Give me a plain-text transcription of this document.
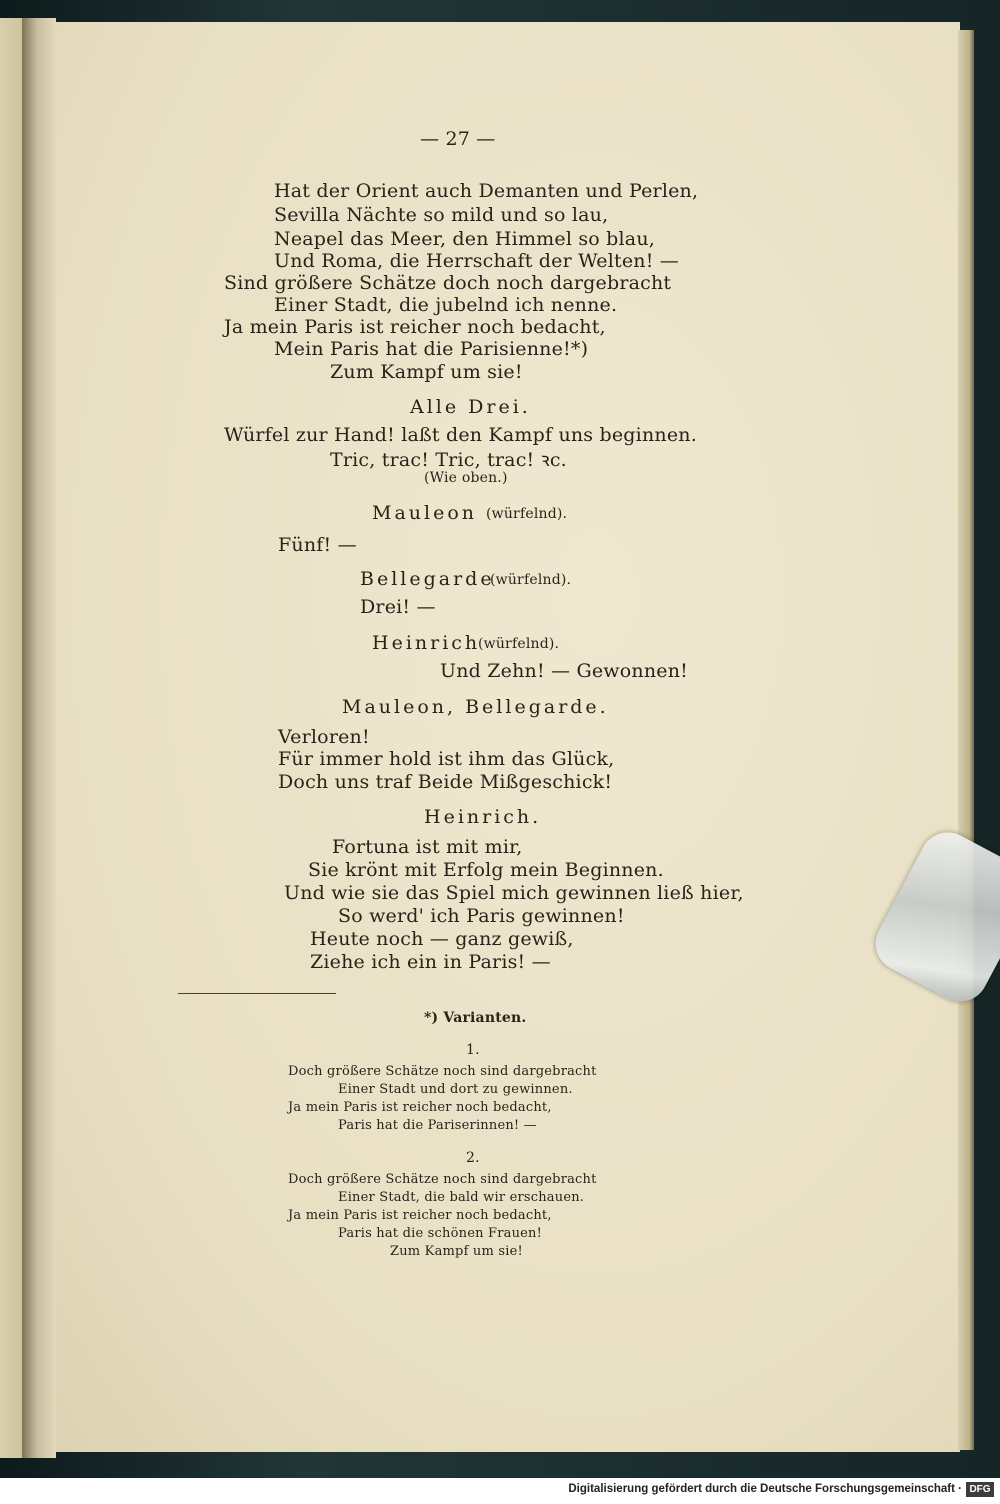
— 27 —
Hat der Orient auch Demanten und Perlen,
Sevilla Nächte so mild und so lau,
Neapel das Meer, den Himmel so blau,
Und Roma, die Herrschaft der Welten! —
Sind größere Schätze doch noch dargebracht
Einer Stadt, die jubelnd ich nenne.
Ja mein Paris ist reicher noch bedacht,
Mein Paris hat die Parisienne!*)
Zum Kampf um sie!
Alle Drei.
Würfel zur Hand! laßt den Kampf uns beginnen.
Tric, trac! Tric, trac! ꝛc.
(Wie oben.)
Mauleon (würfelnd).
Fünf! —
Bellegarde
(würfelnd).
Drei! —
Heinrich
(würfelnd).
Und Zehn! — Gewonnen!
Mauleon, Bellegarde.
Verloren!
Für immer hold ist ihm das Glück,
Doch uns traf Beide Mißgeschick!
Heinrich.
Fortuna ist mit mir,
Sie krönt mit Erfolg mein Beginnen.
Und wie sie das Spiel mich gewinnen ließ hier,
So werd' ich Paris gewinnen!
Heute noch — ganz gewiß,
Ziehe ich ein in Paris! —
*) Varianten.
1.
Doch größere Schätze noch sind dargebracht
Einer Stadt und dort zu gewinnen.
Ja mein Paris ist reicher noch bedacht,
Paris hat die Pariserinnen! —
2.
Doch größere Schätze noch sind dargebracht
Einer Stadt, die bald wir erschauen.
Ja mein Paris ist reicher noch bedacht,
Paris hat die schönen Frauen!
Zum Kampf um sie!
Digitalisierung gefördert durch die Deutsche Forschungsgemeinschaft · DFG
